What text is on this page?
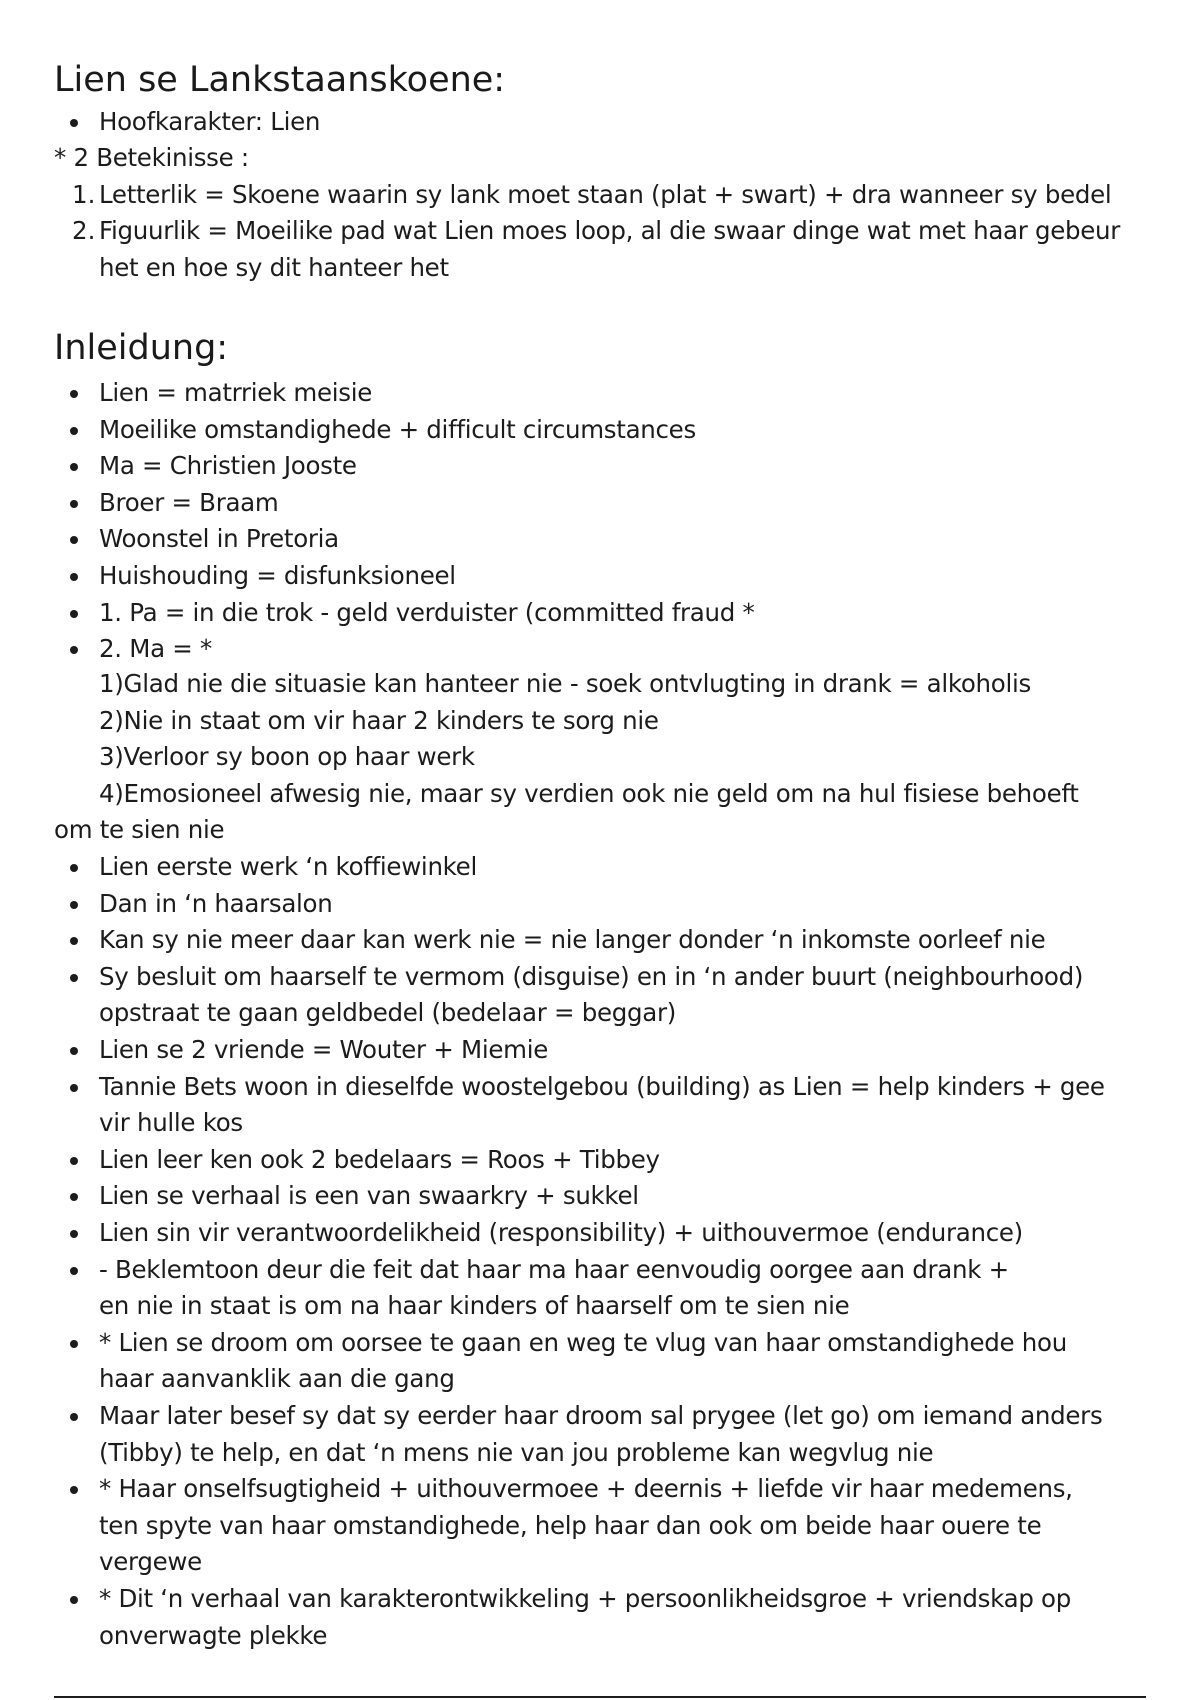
Lien se Lankstaanskoene:
Hoofkarakter: Lien
* 2 Betekinisse :
1. Letterlik = Skoene waarin sy lank moet staan (plat + swart) + dra wanneer sy bedel
2. Figuurlik = Moeilike pad wat Lien moes loop, al die swaar dinge wat met haar gebeur
het en hoe sy dit hanteer het
Inleidung:
Lien = matrriek meisie
Moeilike omstandighede + difficult circumstances
Ma = Christien Jooste
Broer = Braam
Woonstel in Pretoria
Huishouding = disfunksioneel
1. Pa = in die trok - geld verduister (committed fraud *
2. Ma = *
1)Glad nie die situasie kan hanteer nie - soek ontvlugting in drank = alkoholis
2)Nie in staat om vir haar 2 kinders te sorg nie
3)Verloor sy boon op haar werk
4)Emosioneel afwesig nie, maar sy verdien ook nie geld om na hul fisiese behoeft
om te sien nie
Lien eerste werk ‘n koffiewinkel
Dan in ‘n haarsalon
Kan sy nie meer daar kan werk nie = nie langer donder ‘n inkomste oorleef nie
Sy besluit om haarself te vermom (disguise) en in ‘n ander buurt (neighbourhood)
opstraat te gaan geldbedel (bedelaar = beggar)
Lien se 2 vriende = Wouter + Miemie
Tannie Bets woon in dieselfde woostelgebou (building) as Lien = help kinders + gee
vir hulle kos
Lien leer ken ook 2 bedelaars = Roos + Tibbey
Lien se verhaal is een van swaarkry + sukkel
Lien sin vir verantwoordelikheid (responsibility) + uithouvermoe (endurance)
- Beklemtoon deur die feit dat haar ma haar eenvoudig oorgee aan drank +
en nie in staat is om na haar kinders of haarself om te sien nie
* Lien se droom om oorsee te gaan en weg te vlug van haar omstandighede hou
haar aanvanklik aan die gang
Maar later besef sy dat sy eerder haar droom sal prygee (let go) om iemand anders
(Tibby) te help, en dat ‘n mens nie van jou probleme kan wegvlug nie
* Haar onselfsugtigheid + uithouvermoee + deernis + liefde vir haar medemens,
ten spyte van haar omstandighede, help haar dan ook om beide haar ouere te
vergewe
* Dit ‘n verhaal van karakterontwikkeling + persoonlikheidsgroe + vriendskap op
onverwagte plekke
